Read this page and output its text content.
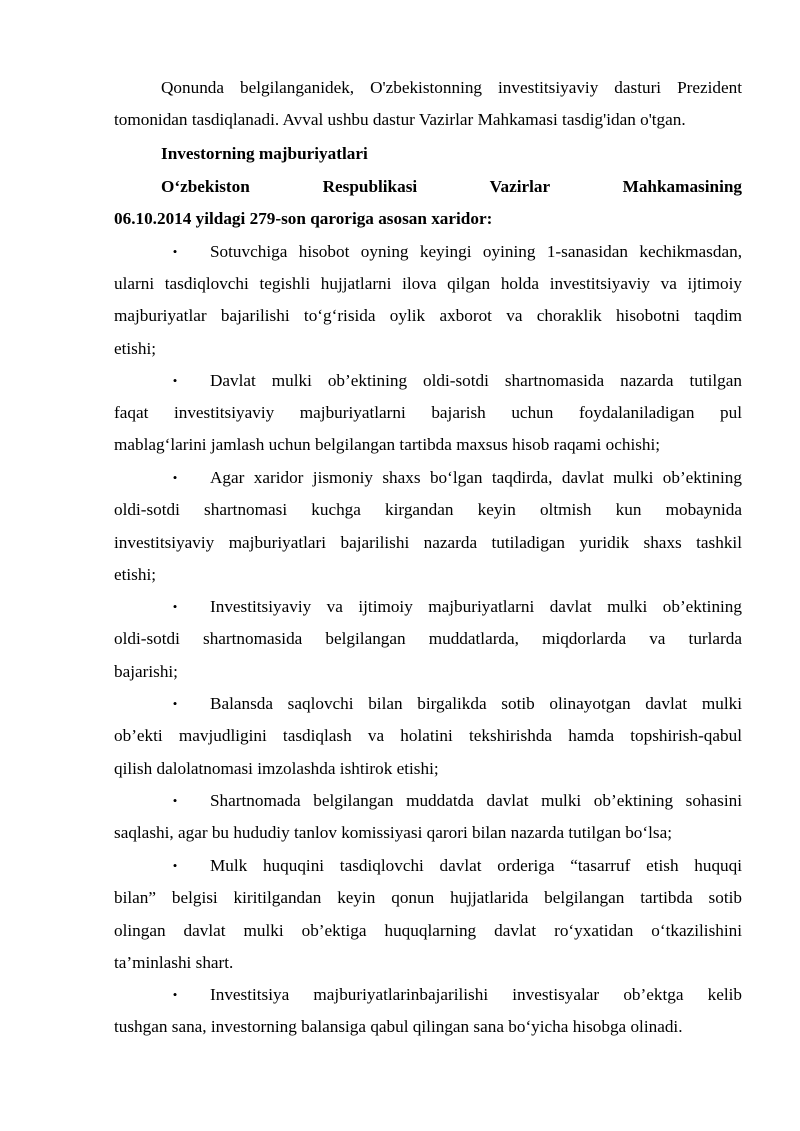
Qonunda belgilanganidek, O'zbekistonning investitsiyaviy dasturi Prezident
tomonidan tasdiqlanadi. Avval ushbu dastur Vazirlar Mahkamasi tasdig'idan o'tgan.
Investorning majburiyatlari
O‘zbekiston Respublikasi Vazirlar Mahkamasining
06.10.2014 yildagi 279-son qaroriga asosan xaridor:
• Sotuvchiga hisobot oyning keyingi oyining 1-sanasidan kechikmasdan,
ularni tasdiqlovchi tegishli hujjatlarni ilova qilgan holda investitsiyaviy va ijtimoiy
majburiyatlar bajarilishi to‘g‘risida oylik axborot va choraklik hisobotni taqdim
etishi;
• Davlat mulki ob’ektining oldi-sotdi shartnomasida nazarda tutilgan
faqat investitsiyaviy majburiyatlarni bajarish uchun foydalaniladigan pul
mablag‘larini jamlash uchun belgilangan tartibda maxsus hisob raqami ochishi;
• Agar xaridor jismoniy shaxs bo‘lgan taqdirda, davlat mulki ob’ektining
oldi-sotdi shartnomasi kuchga kirgandan keyin oltmish kun mobaynida
investitsiyaviy majburiyatlari bajarilishi nazarda tutiladigan yuridik shaxs tashkil
etishi;
• Investitsiyaviy va ijtimoiy majburiyatlarni davlat mulki ob’ektining
oldi-sotdi shartnomasida belgilangan muddatlarda, miqdorlarda va turlarda
bajarishi;
• Balansda saqlovchi bilan birgalikda sotib olinayotgan davlat mulki
ob’ekti mavjudligini tasdiqlash va holatini tekshirishda hamda topshirish-qabul
qilish dalolatnomasi imzolashda ishtirok etishi;
• Shartnomada belgilangan muddatda davlat mulki ob’ektining sohasini
saqlashi, agar bu hududiy tanlov komissiyasi qarori bilan nazarda tutilgan bo‘lsa;
• Mulk huquqini tasdiqlovchi davlat orderiga “tasarruf etish huquqi
bilan” belgisi kiritilgandan keyin qonun hujjatlarida belgilangan tartibda sotib
olingan davlat mulki ob’ektiga huquqlarning davlat ro‘yxatidan o‘tkazilishini
ta’minlashi shart.
• Investitsiya majburiyatlarinbajarilishi investisyalar ob’ektga kelib
tushgan sana, investorning balansiga qabul qilingan sana bo‘yicha hisobga olinadi.
